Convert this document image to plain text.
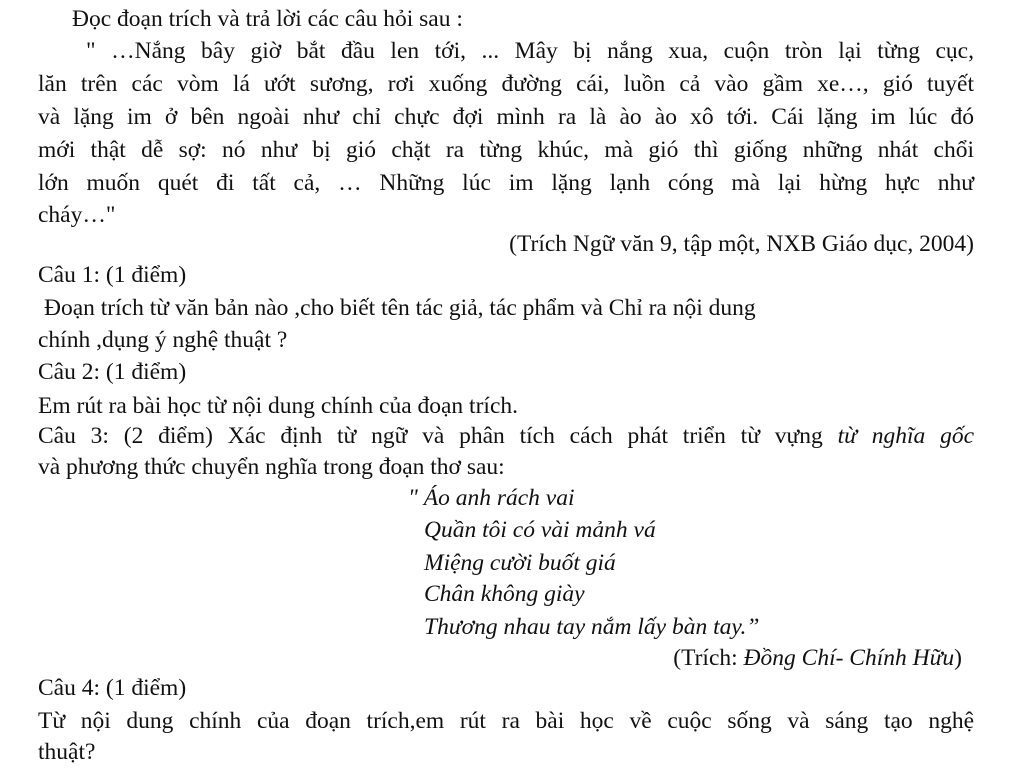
Đọc đoạn trích và trả lời các câu hỏi sau :
" …Nắng bây giờ bắt đầu len tới, ... Mây bị nắng xua, cuộn tròn lại từng cục,
lăn trên các vòm lá ướt sương, rơi xuống đường cái, luồn cả vào gầm xe…, gió tuyết
và lặng im ở bên ngoài như chỉ chực đợi mình ra là ào ào xô tới. Cái lặng im lúc đó
mới thật dễ sợ: nó như bị gió chặt ra từng khúc, mà gió thì giống những nhát chổi
lớn muốn quét đi tất cả, … Những lúc im lặng lạnh cóng mà lại hừng hực như
cháy…"
(Trích Ngữ văn 9, tập một, NXB Giáo dục, 2004)
Câu 1: (1 điểm)
Đoạn trích từ văn bản nào ,cho biết tên tác giả, tác phẩm và Chỉ ra nội dung
chính ,dụng ý nghệ thuật ?
Câu 2: (1 điểm)
Em rút ra bài học từ nội dung chính của đoạn trích.
Câu 3: (2 điểm) Xác định từ ngữ và phân tích cách phát triển từ vựng từ nghĩa gốc
và phương thức chuyển nghĩa trong đoạn thơ sau:
" Áo anh rách vai
Quần tôi có vài mảnh vá
Miệng cười buốt giá
Chân không giày
Thương nhau tay nắm lấy bàn tay.”
(Trích: Đồng Chí- Chính Hữu)
Câu 4: (1 điểm)
Từ nội dung chính của đoạn trích,em rút ra bài học về cuộc sống và sáng tạo nghệ
thuật?
